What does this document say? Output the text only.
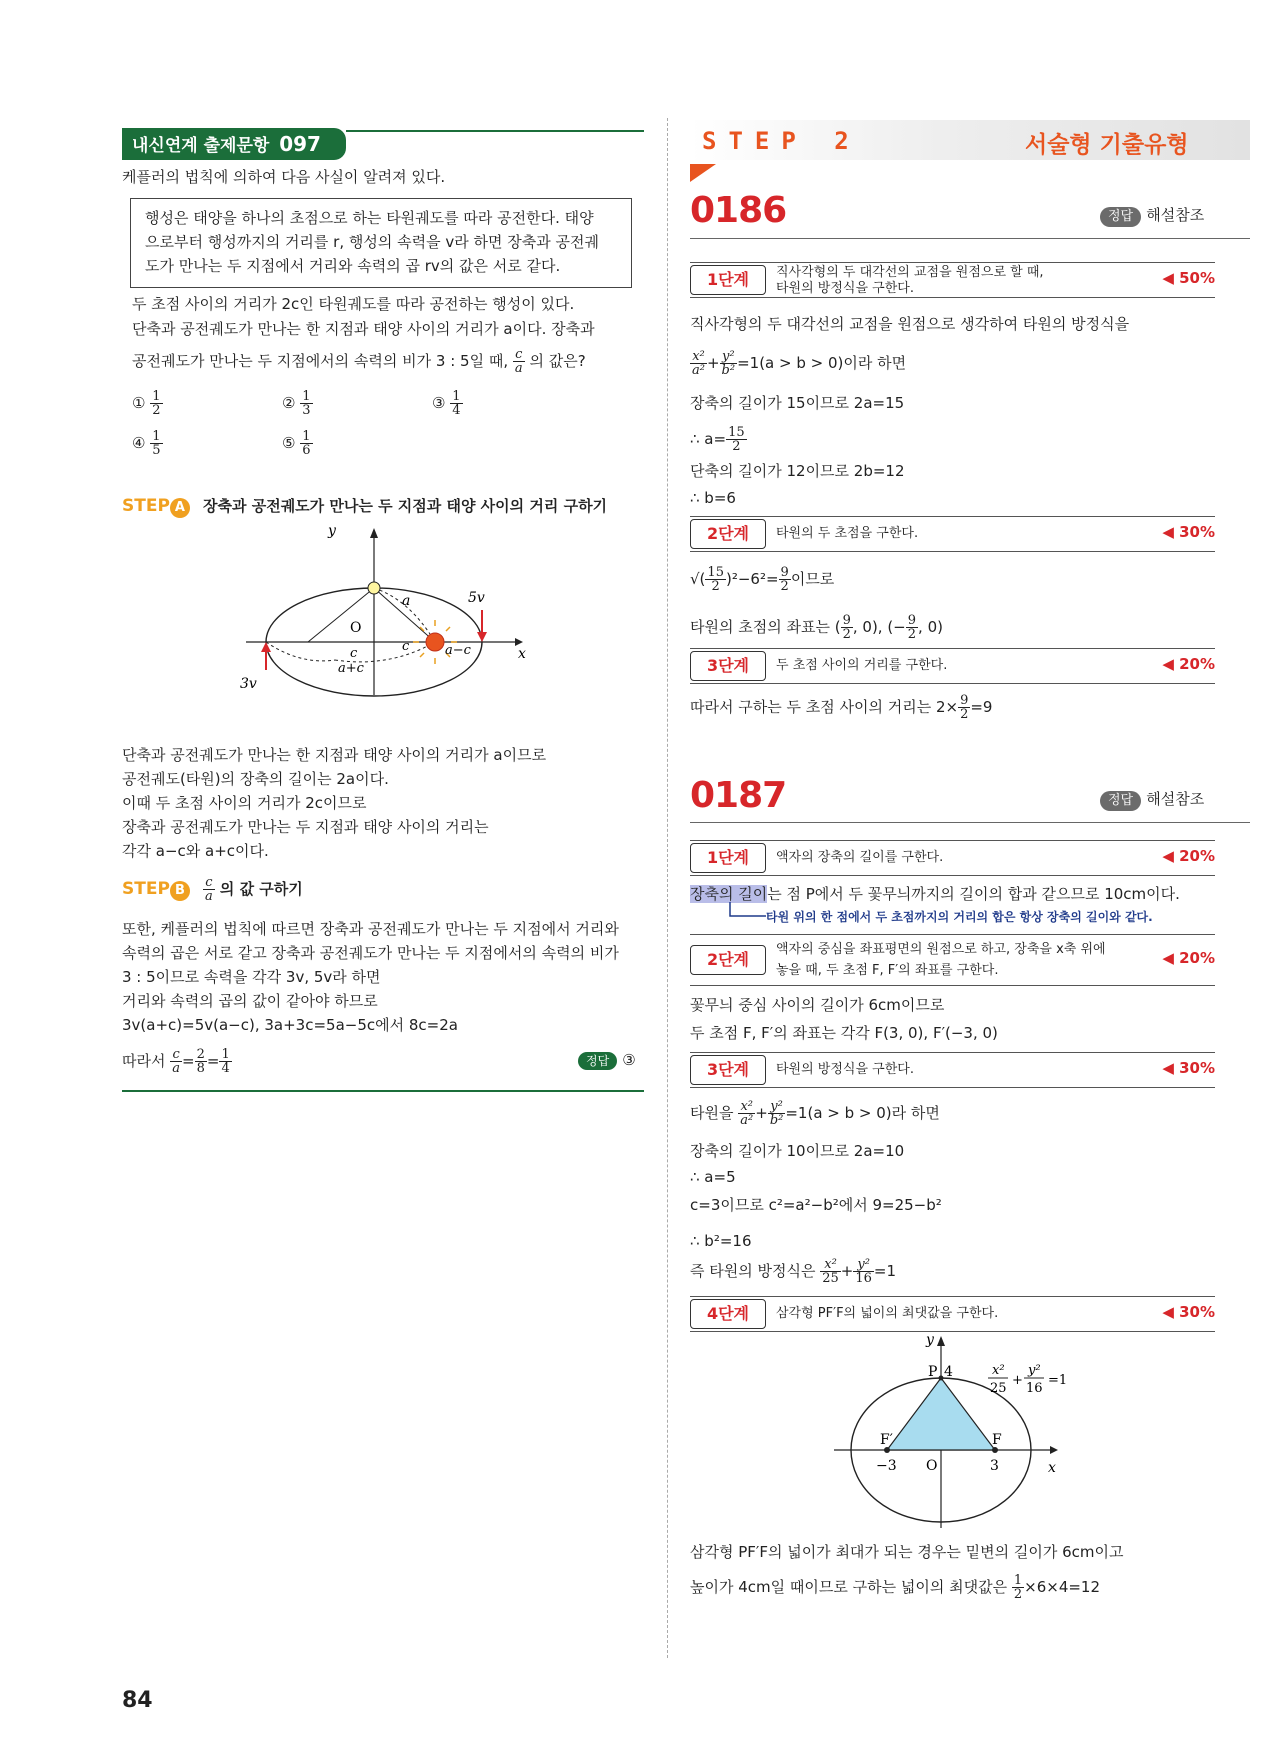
내신연계 출제문항 097
케플러의 법칙에 의하여 다음 사실이 알려져 있다.
행성은 태양을 하나의 초점으로 하는 타원궤도를 따라 공전한다. 태양
으로부터 행성까지의 거리를 r, 행성의 속력을 v라 하면 장축과 공전궤
도가 만나는 두 지점에서 거리와 속력의 곱 rv의 값은 서로 같다.
두 초점 사이의 거리가 2c인 타원궤도를 따라 공전하는 행성이 있다.
단축과 공전궤도가 만나는 한 지점과 태양 사이의 거리가 a이다. 장축과
공전궤도가 만나는 두 지점에서의 속력의 비가 3 : 5일 때, $\frac{c}{a}$ 의 값은?
① $\frac{1}{2}$	② $\frac{1}{3}$	③ $\frac{1}{4}$
④ $\frac{1}{5}$	⑤ $\frac{1}{6}$
STEP A 장축과 공전궤도가 만나는 두 지점과 태양 사이의 거리 구하기
y
O
a	5v
3v
x
c	c	a−c
a+c
단축과 공전궤도가 만나는 한 지점과 태양 사이의 거리가 a이므로
공전궤도(타원)의 장축의 길이는 2a이다.
이때 두 초점 사이의 거리가 2c이므로
장축과 공전궤도가 만나는 두 지점과 태양 사이의 거리는
각각 a−c와 a+c이다.
STEP B $\frac{c}{a}$ 의 값 구하기
또한, 케플러의 법칙에 따르면 장축과 공전궤도가 만나는 두 지점에서 거리와
속력의 곱은 서로 같고 장축과 공전궤도가 만나는 두 지점에서의 속력의 비가
3 : 5이므로 속력을 각각 3v, 5v라 하면
거리와 속력의 곱의 값이 같아야 하므로
3v(a+c)=5v(a−c), 3a+3c=5a−5c에서 8c=2a
따라서 $\frac{c}{a} = \frac{2}{8} = \frac{1}{4}$	정답 ③
STEP 2	서술형 기출유형
0186	정답 해설참조
1단계	직사각형의 두 대각선의 교점을 원점으로 할 때,
타원의 방정식을 구한다.
◀ 50%
직사각형의 두 대각선의 교점을 원점으로 생각하여 타원의 방정식을
$\frac{\text{x²}}{\text{a²}} + \frac{\text{y²}}{\text{b²}} =1(a > b > 0)$이라 하면
장축의 길이가 15이므로 2a=15
∴ $a= \frac{15}{2}$
단축의 길이가 12이므로 2b=12
∴ b=6
2단계	타원의 두 초점을 구한다.	◀ 30%
√( $\frac{15}{2} )^2-6^2= \frac{9}{2}$ 이므로
타원의 초점의 좌표는 ( $\frac{9}{2}$ , 0), (− $\frac{9}{2}$ , 0)
3단계	두 초점 사이의 거리를 구한다.	◀ 20%
따라서 구하는 두 초점 사이의 거리는 $2\times \frac{9}{2} =9$
0187	정답 해설참조
1단계	액자의 장축의 길이를 구한다.	◀ 20%
장축의 길이는 점 P에서 두 꽃무늬까지의 길이의 합과 같으므로 10cm이다.
타원 위의 한 점에서 두 초점까지의 거리의 합은 항상 장축의 길이와 같다.
2단계
액자의 중심을 좌표평면의 원점으로 하고, 장축을 x축 위에
놓을 때, 두 초점 F, F′의 좌표를 구한다.
◀ 20%
꽃무늬 중심 사이의 길이가 6cm이므로
두 초점 F, F′의 좌표는 각각 F(3, 0), F′(−3, 0)
3단계	타원의 방정식을 구한다.	◀ 30%
타원을 $\frac{\text{x²}}{\text{a²}} + \frac{\text{y²}}{\text{b²}} =1(a > b > 0)$라 하면
장축의 길이가 10이므로 2a=10
∴ a=5
c=3이므로 c²=a²−b²에서 9=25−b²
∴ b²=16
즉 타원의 방정식은 $\frac{\text{x²}}{25} + \frac{\text{y²}}{16} =1$
4단계	삼각형 PF′F의 넓이의 최댓값을 구한다.	◀ 30%
y
P 4
F′	F
−3 O	3	x
x²
25
+
y²
16
=1
삼각형 PF′F의 넓이가 최대가 되는 경우는 밑변의 길이가 6cm이고
높이가 4cm일 때이므로 구하는 넓이의 최댓값은 $\frac{1}{2} \times 6\times 4=12$
84
